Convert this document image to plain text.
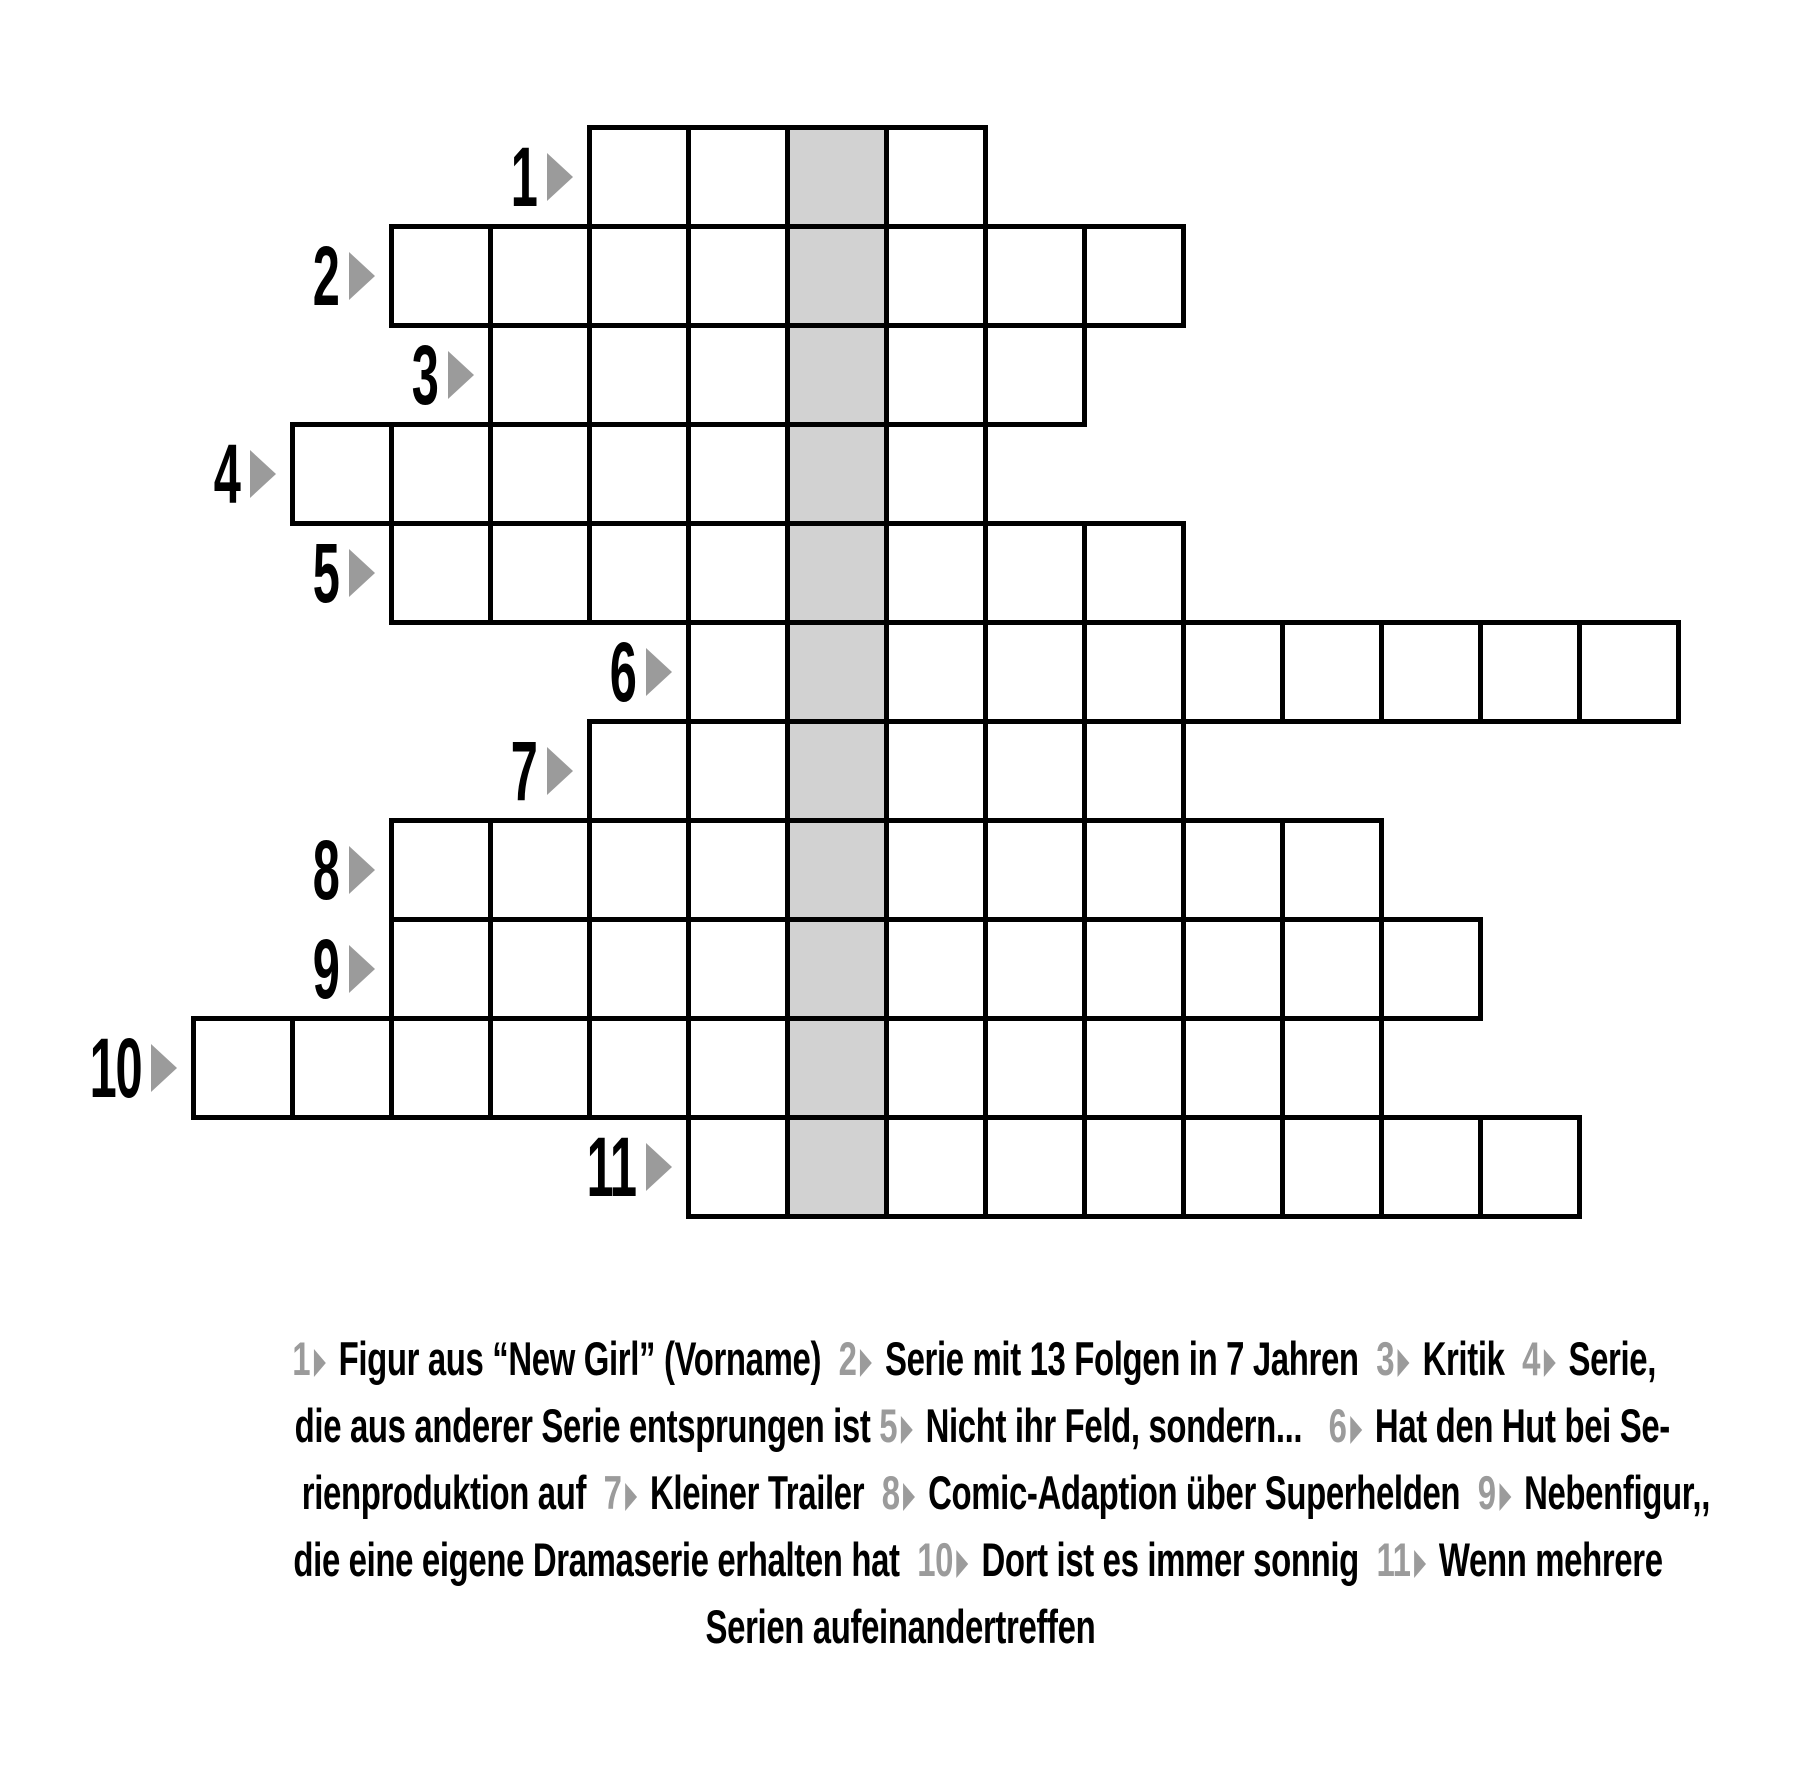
1
2
3
4
5
6
7
8
9
10
11
1 Figur aus “New Girl” (Vorname)  2 Serie mit 13 Folgen in 7 Jahren  3 Kritik  4 Serie,
die aus anderer Serie entsprungen ist 5 Nicht ihr Feld, sondern...   6 Hat den Hut bei Se-
rienproduktion auf  7 Kleiner Trailer  8 Comic-Adaption über Superhelden  9 Nebenfigur,,
die eine eigene Dramaserie erhalten hat  10 Dort ist es immer sonnig  11 Wenn mehrere
Serien aufeinandertreffen
